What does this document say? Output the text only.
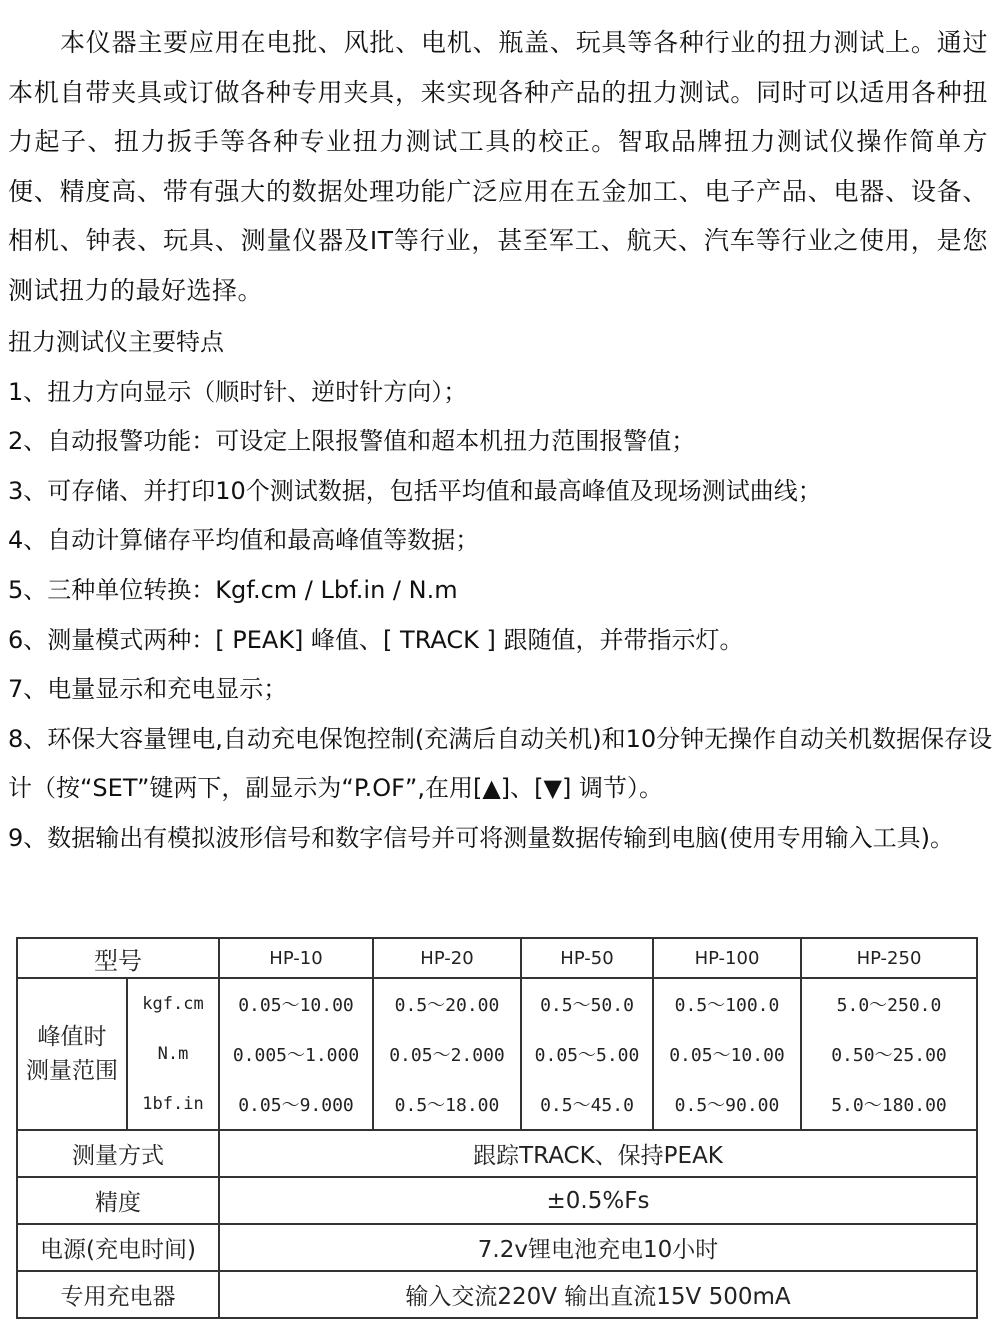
本仪器主要应用在电批、风批、电机、瓶盖、玩具等各种行业的扭力测试上。通过本机自带夹具或订做各种专用夹具，来实现各种产品的扭力测试。同时可以适用各种扭力起子、扭力扳手等各种专业扭力测试工具的校正。智取品牌扭力测试仪操作简单方便、精度高、带有强大的数据处理功能广泛应用在五金加工、电子产品、电器、设备、相机、钟表、玩具、测量仪器及IT等行业，甚至军工、航天、汽车等行业之使用，是您测试扭力的最好选择。

扭力测试仪主要特点

1、扭力方向显示（顺时针、逆时针方向）；

2、自动报警功能：可设定上限报警值和超本机扭力范围报警值；

3、可存储、并打印10个测试数据，包括平均值和最高峰值及现场测试曲线；

4、自动计算储存平均值和最高峰值等数据；

5、三种单位转换：Kgf.cm / Lbf.in / N.m

6、测量模式两种：[ PEAK] 峰值、[ TRACK ] 跟随值，并带指示灯。

7、电量显示和充电显示；

8、环保大容量锂电,自动充电保饱控制(充满后自动关机)和10分钟无操作自动关机数据保存设计（按“SET”键两下，副显示为“P.OF”,在用[▲]、[▼] 调节）。

9、数据输出有模拟波形信号和数字信号并可将测量数据传输到电脑(使用专用输入工具)。

型号		HP-10	HP-20	HP-50	HP-100	HP-250
峰值时
测量范围	kgf.cm	0.05～10.00	0.5～20.00	0.5～50.0	0.5～100.0	5.0～250.0
	N.m	0.005～1.000	0.05～2.000	0.05～5.00	0.05～10.00	0.50～25.00
	1bf.in	0.05～9.000	0.5～18.00	0.5～45.0	0.5～90.00	5.0～180.00
测量方式		跟踪TRACK、保持PEAK				
精度		±0.5%Fs				
电源(充电时间)		7.2v锂电池充电10小时				
专用充电器		输入交流220V 输出直流15V 500mA				
